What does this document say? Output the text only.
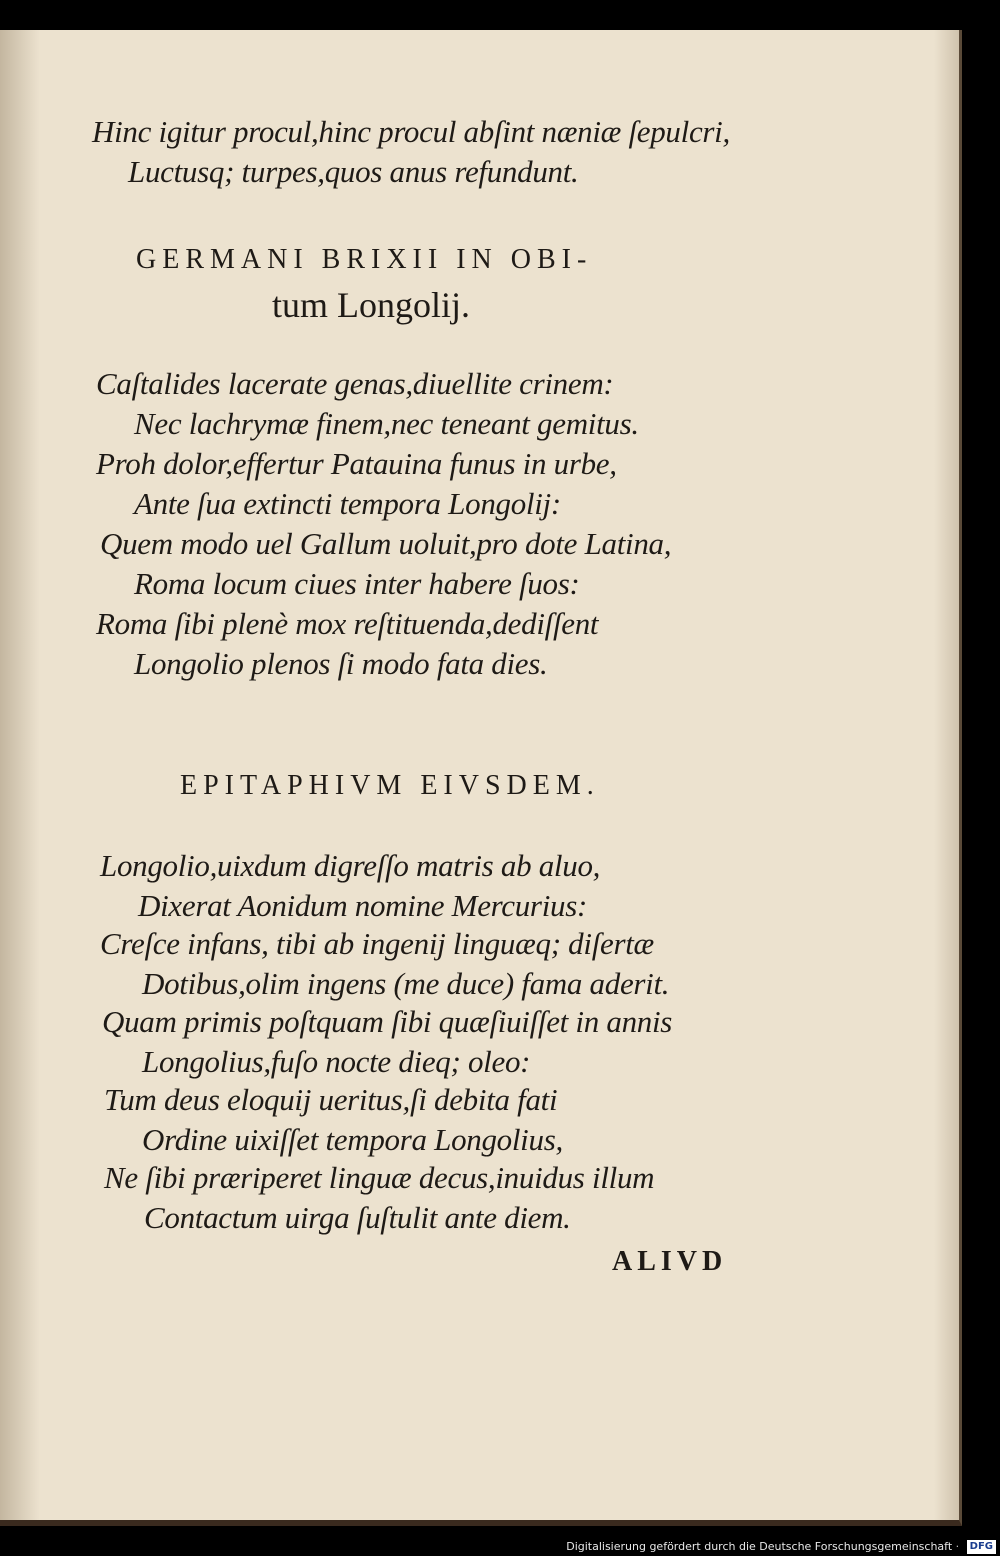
Hinc igitur procul,hinc procul abſint næniæ ſepulcri,
Luctusq; turpes,quos anus refundunt.
GERMANI BRIXII IN OBI-
tum Longolij.
Caſtalides lacerate genas,diuellite crinem:
Nec lachrymæ finem,nec teneant gemitus.
Proh dolor,effertur Patauina funus in urbe,
Ante ſua extincti tempora Longolij:
Quem modo uel Gallum uoluit,pro dote Latina,
Roma locum ciues inter habere ſuos:
Roma ſibi plenè mox reſtituenda,dediſſent
Longolio plenos ſi modo fata dies.
EPITAPHIVM EIVSDEM.
Longolio,uixdum digreſſo matris ab aluo,
Dixerat Aonidum nomine Mercurius:
Creſce infans, tibi ab ingenij linguæq; diſertæ
Dotibus,olim ingens (me duce) fama aderit.
Quam primis poſtquam ſibi quæſiuiſſet in annis
Longolius,fuſo nocte dieq; oleo:
Tum deus eloquij ueritus,ſi debita fati
Ordine uixiſſet tempora Longolius,
Ne ſibi præriperet linguæ decus,inuidus illum
Contactum uirga ſuſtulit ante diem.
ALIVD
Digitalisierung gefördert durch die Deutsche Forschungsgemeinschaft · DFG
